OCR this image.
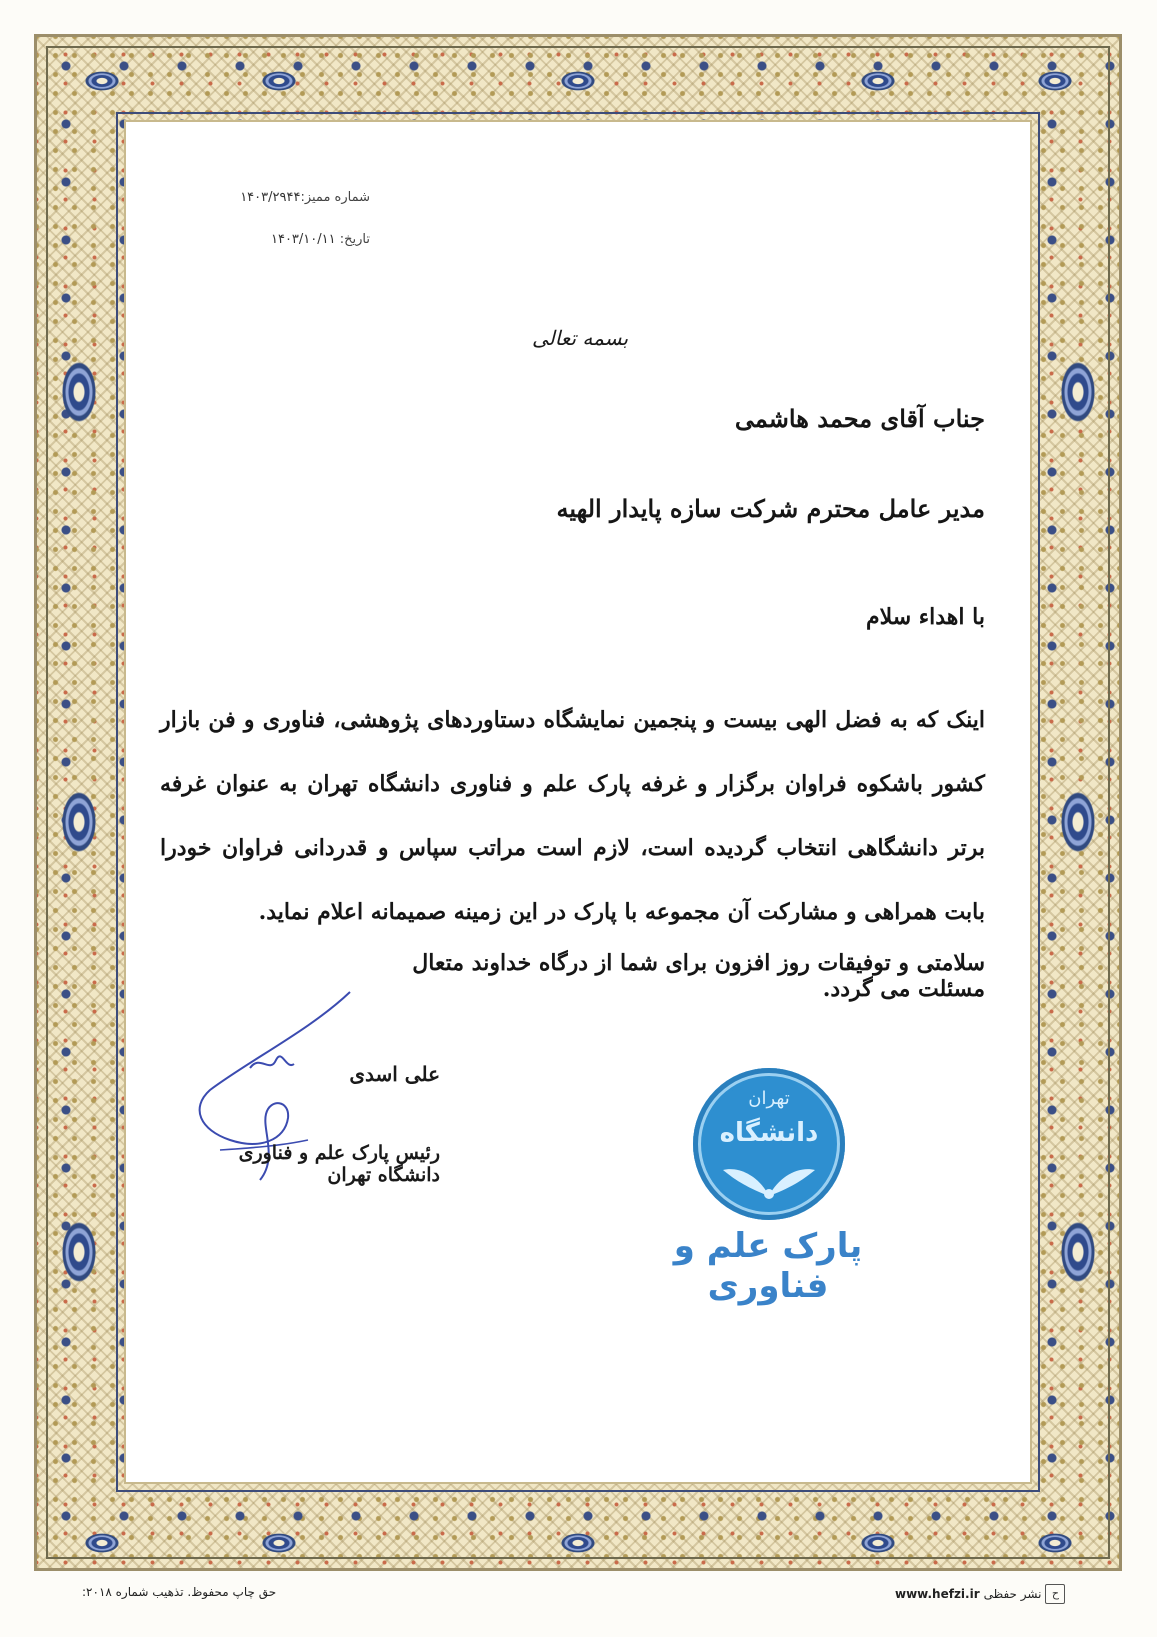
شماره ممیز:۱۴۰۳/۲۹۴۴
تاریخ: ۱۴۰۳/۱۰/۱۱
بسمه تعالی
جناب آقای محمد هاشمی
مدیر عامل محترم شرکت سازه پایدار الهیه
با اهداء سلام
اینک که به فضل الهی بیست و پنجمین نمایشگاه دستاوردهای پژوهشی، فناوری و فن بازار کشور باشکوه فراوان برگزار و غرفه پارک علم و فناوری دانشگاه تهران به عنوان غرفه برتر دانشگاهی انتخاب گردیده است، لازم است مراتب سپاس و قدردانی فراوان خودرا بابت همراهی و مشارکت آن مجموعه با پارک در این زمینه صمیمانه اعلام نماید.
سلامتی و توفیقات روز افزون برای شما از درگاه خداوند متعال مسئلت می گردد.
علی اسدی
رئیس پارک علم و فناوری دانشگاه تهران
تهران
دانشگاه
پارک علم و فناوری
حق چاپ محفوظ. تذهیب شماره ۲۰۱۸:	ح
نشر حفظی
www.hefzi.ir
